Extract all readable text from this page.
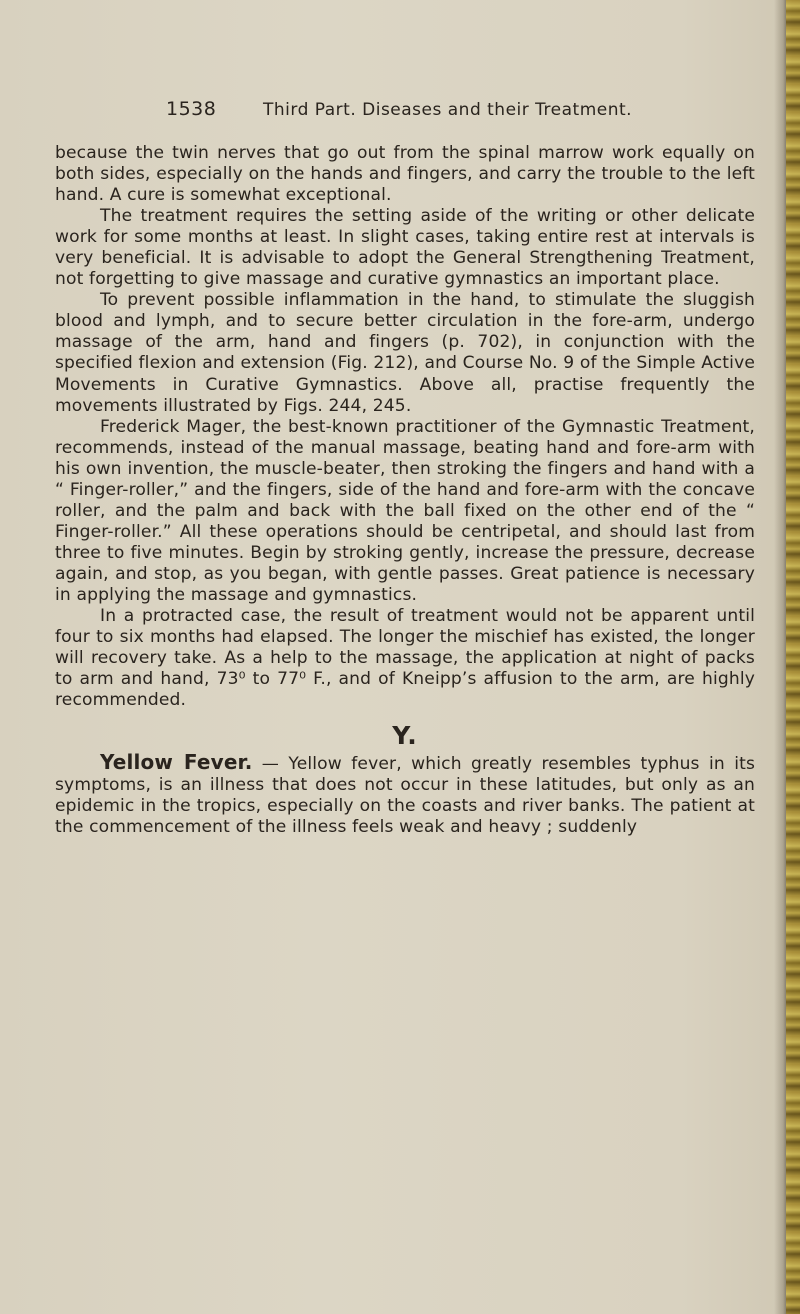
1538	Third Part. Diseases and their Treatment.

because the twin nerves that go out from the spinal marrow work equally on both sides, especially on the hands and fingers, and carry the trouble to the left hand. A cure is somewhat exceptional.

The treatment requires the setting aside of the writing or other delicate work for some months at least. In slight cases, taking entire rest at intervals is very beneficial. It is advisable to adopt the General Strengthening Treatment, not forgetting to give massage and curative gymnastics an important place.

To prevent possible inflammation in the hand, to stimulate the sluggish blood and lymph, and to secure better circulation in the fore-arm, undergo massage of the arm, hand and fingers (p. 702), in conjunction with the specified flexion and extension (Fig. 212), and Course No. 9 of the Simple Active Movements in Curative Gymnastics. Above all, practise frequently the movements illustrated by Figs. 244, 245.

Frederick Mager, the best-known practitioner of the Gymnastic Treatment, recommends, instead of the manual massage, beating hand and fore-arm with his own invention, the muscle-beater, then stroking the fingers and hand with a “ Finger-roller,” and the fingers, side of the hand and fore-arm with the concave roller, and the palm and back with the ball fixed on the other end of the “ Finger-roller.” All these operations should be centripetal, and should last from three to five minutes. Begin by stroking gently, increase the pressure, decrease again, and stop, as you began, with gentle passes. Great patience is necessary in applying the massage and gymnastics.

In a protracted case, the result of treatment would not be apparent until four to six months had elapsed. The longer the mischief has existed, the longer will recovery take. As a help to the massage, the application at night of packs to arm and hand, 73⁰ to 77⁰ F., and of Kneipp’s affusion to the arm, are highly recommended.

Y.

Yellow Fever. — Yellow fever, which greatly resembles typhus in its symptoms, is an illness that does not occur in these latitudes, but only as an epidemic in the tropics, especially on the coasts and river banks. The patient at the commencement of the illness feels weak and heavy ; suddenly
